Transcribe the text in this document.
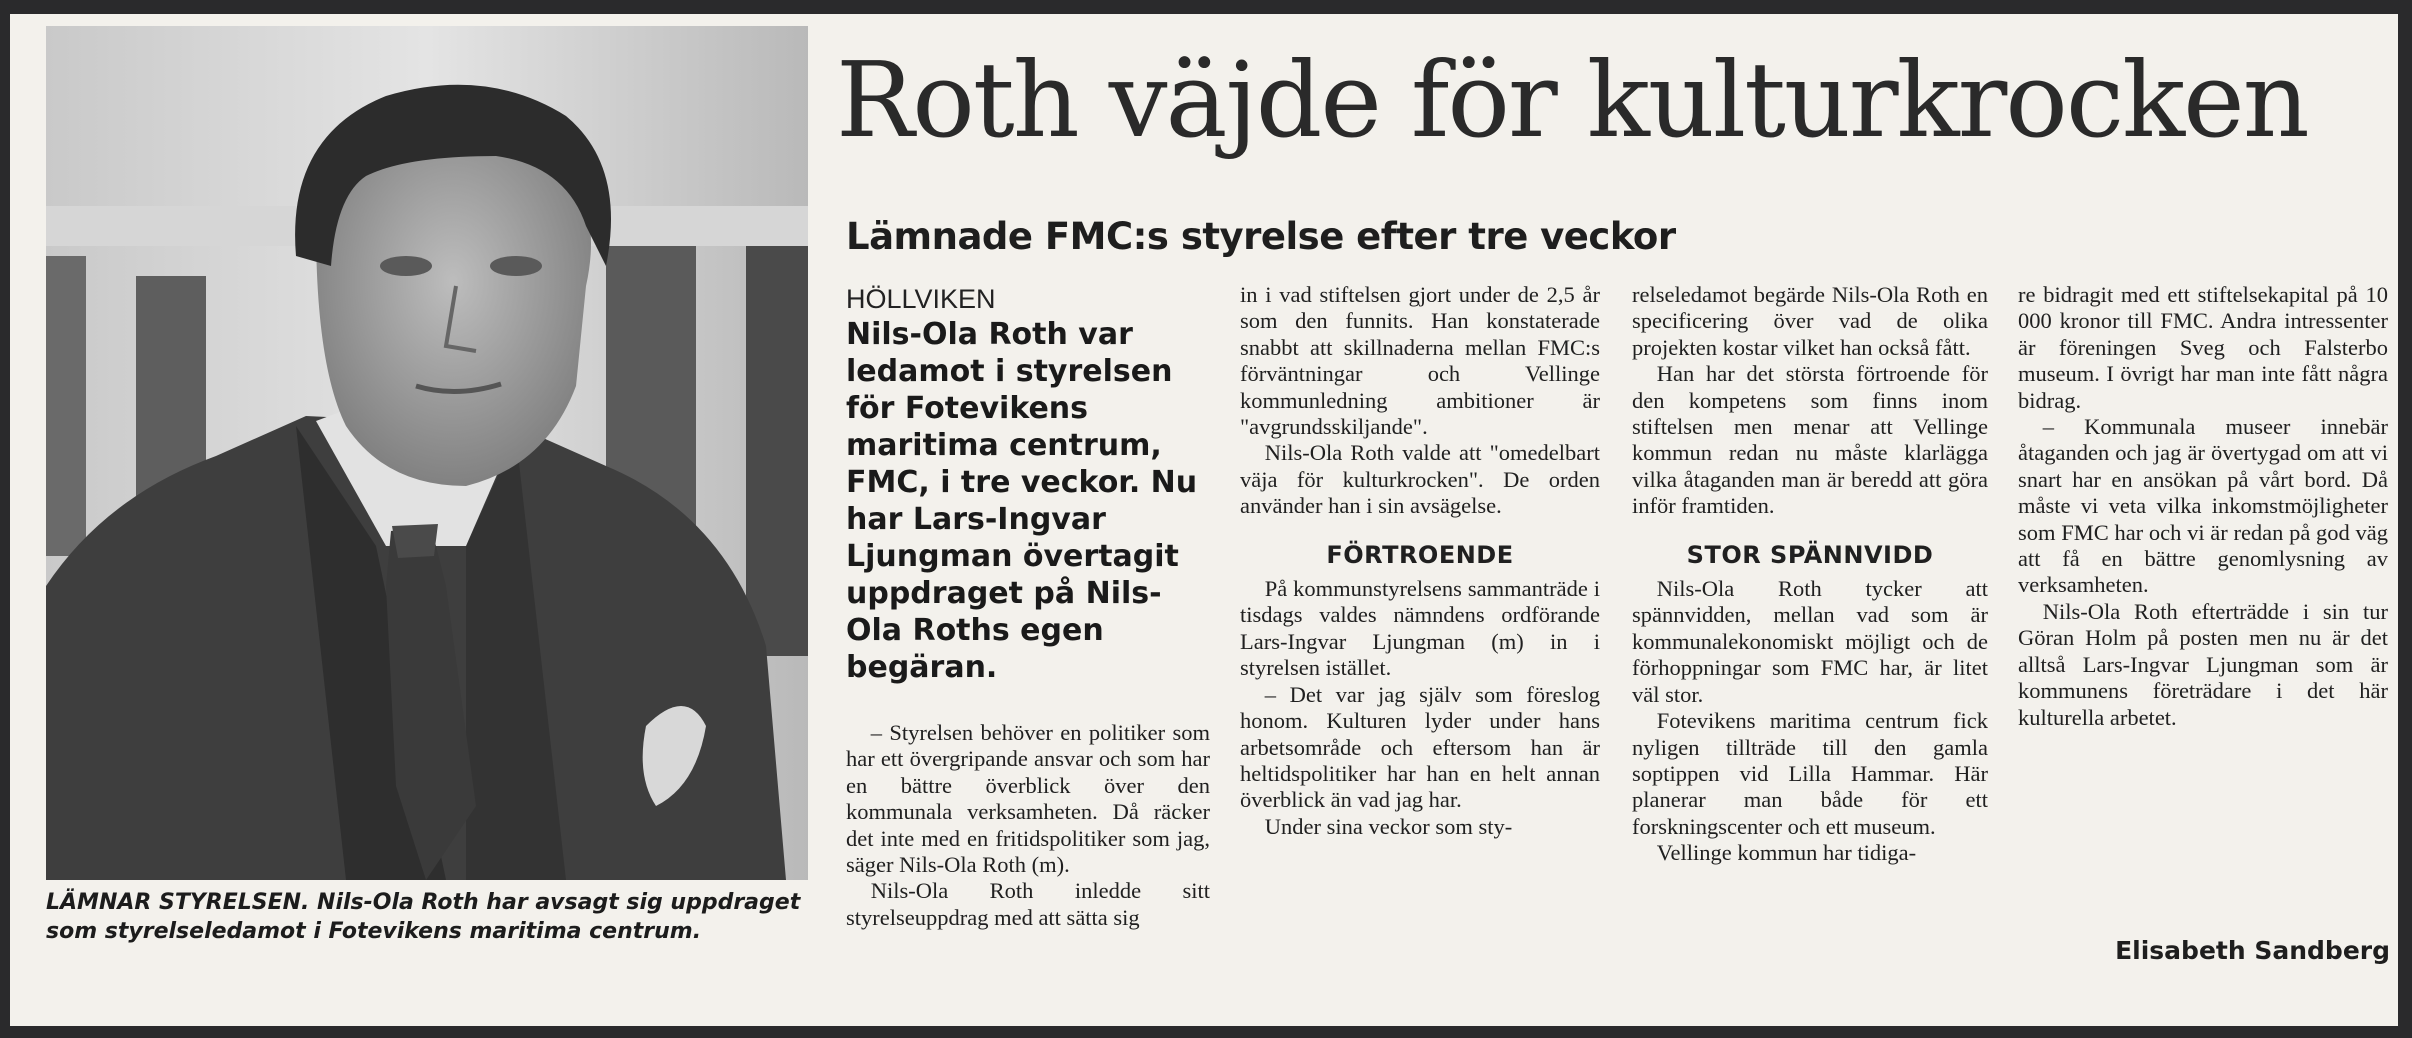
LÄMNAR STYRELSEN. Nils-Ola Roth har avsagt sig uppdraget som styrelseledamot i Fotevikens maritima centrum.
Roth väjde för kulturkrocken
Lämnade FMC:s styrelse efter tre veckor

HÖLLVIKEN

Nils-Ola Roth var ledamot i styrelsen för Fotevikens maritima centrum, FMC, i tre veckor. Nu har Lars-Ingvar Ljungman övertagit uppdraget på Nils-Ola Roths egen begäran.

– Styrelsen behöver en politiker som har ett övergripande ansvar och som har en bättre överblick över den kommunala verksamheten. Då räcker det inte med en fritidspolitiker som jag, säger Nils-Ola Roth (m).

Nils-Ola Roth inledde sitt styrelseuppdrag med att sätta sig

in i vad stiftelsen gjort under de 2,5 år som den funnits. Han konstaterade snabbt att skillnaderna mellan FMC:s förväntningar och Vellinge kommunledning ambitioner är "avgrundsskiljande".

Nils-Ola Roth valde att "omedelbart väja för kulturkrocken". De orden använder han i sin avsägelse.

FÖRTROENDE

På kommunstyrelsens sammanträde i tisdags valdes nämndens ordförande Lars-Ingvar Ljungman (m) in i styrelsen istället.

– Det var jag själv som föreslog honom. Kulturen lyder under hans arbetsområde och eftersom han är heltidspolitiker har han en helt annan överblick än vad jag har.

Under sina veckor som sty-

relseledamot begärde Nils-Ola Roth en specificering över vad de olika projekten kostar vilket han också fått.

Han har det största förtroende för den kompetens som finns inom stiftelsen men menar att Vellinge kommun redan nu måste klarlägga vilka åtaganden man är beredd att göra inför framtiden.

STOR SPÄNNVIDD

Nils-Ola Roth tycker att spännvidden, mellan vad som är kommunalekonomiskt möjligt och de förhoppningar som FMC har, är litet väl stor.

Fotevikens maritima centrum fick nyligen tillträde till den gamla soptippen vid Lilla Hammar. Här planerar man både för ett forskningscenter och ett museum.

Vellinge kommun har tidiga-

re bidragit med ett stiftelsekapital på 10 000 kronor till FMC. Andra intressenter är föreningen Sveg och Falsterbo museum. I övrigt har man inte fått några bidrag.

– Kommunala museer innebär åtaganden och jag är övertygad om att vi snart har en ansökan på vårt bord. Då måste vi veta vilka inkomstmöjligheter som FMC har och vi är redan på god väg att få en bättre genomlysning av verksamheten.

Nils-Ola Roth efterträdde i sin tur Göran Holm på posten men nu är det alltså Lars-Ingvar Ljungman som är kommunens företrädare i det här kulturella arbetet.

Elisabeth Sandberg
